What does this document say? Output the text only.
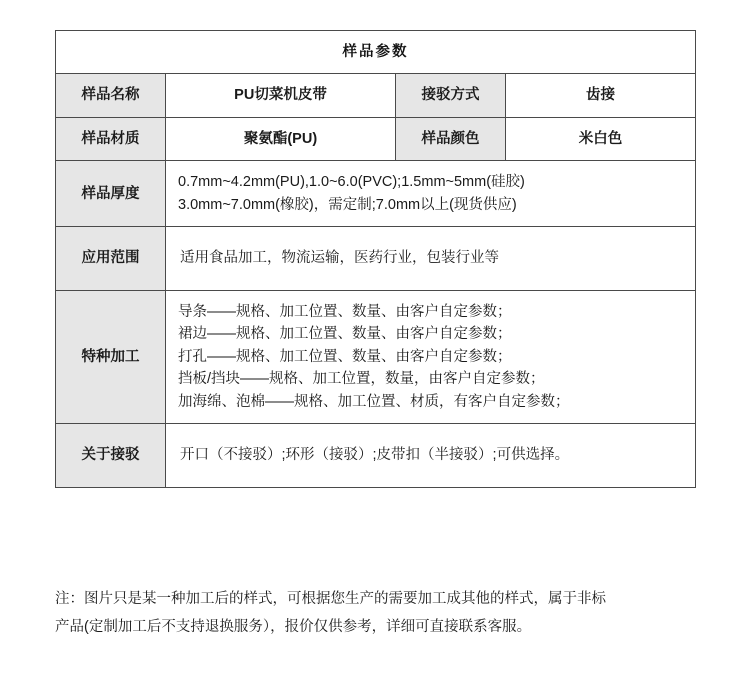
样品参数			
样品名称	PU切菜机皮带	接驳方式	齿接
样品材质	聚氨酯(PU)	样品颜色	米白色
样品厚度	0.7mm~4.2mm(PU),1.0~6.0(PVC);1.5mm~5mm(硅胶)
3.0mm~7.0mm(橡胶)，需定制;7.0mm以上(现货供应)		

应用范围	适用食品加工，物流运输，医药行业，包装行业等		
特种加工	导条——规格、加工位置、数量、由客户自定参数；
裙边——规格、加工位置、数量、由客户自定参数；
打孔——规格、加工位置、数量、由客户自定参数；
挡板/挡块——规格、加工位置，数量，由客户自定参数；
加海绵、泡棉——规格、加工位置、材质，有客户自定参数；		

关于接驳	开口（不接驳）;环形（接驳）;皮带扣（半接驳）;可供选择。		

注：图片只是某一种加工后的样式，可根据您生产的需要加工成其他的样式，属于非标

产品(定制加工后不支持退换服务），报价仅供参考，详细可直接联系客服。
